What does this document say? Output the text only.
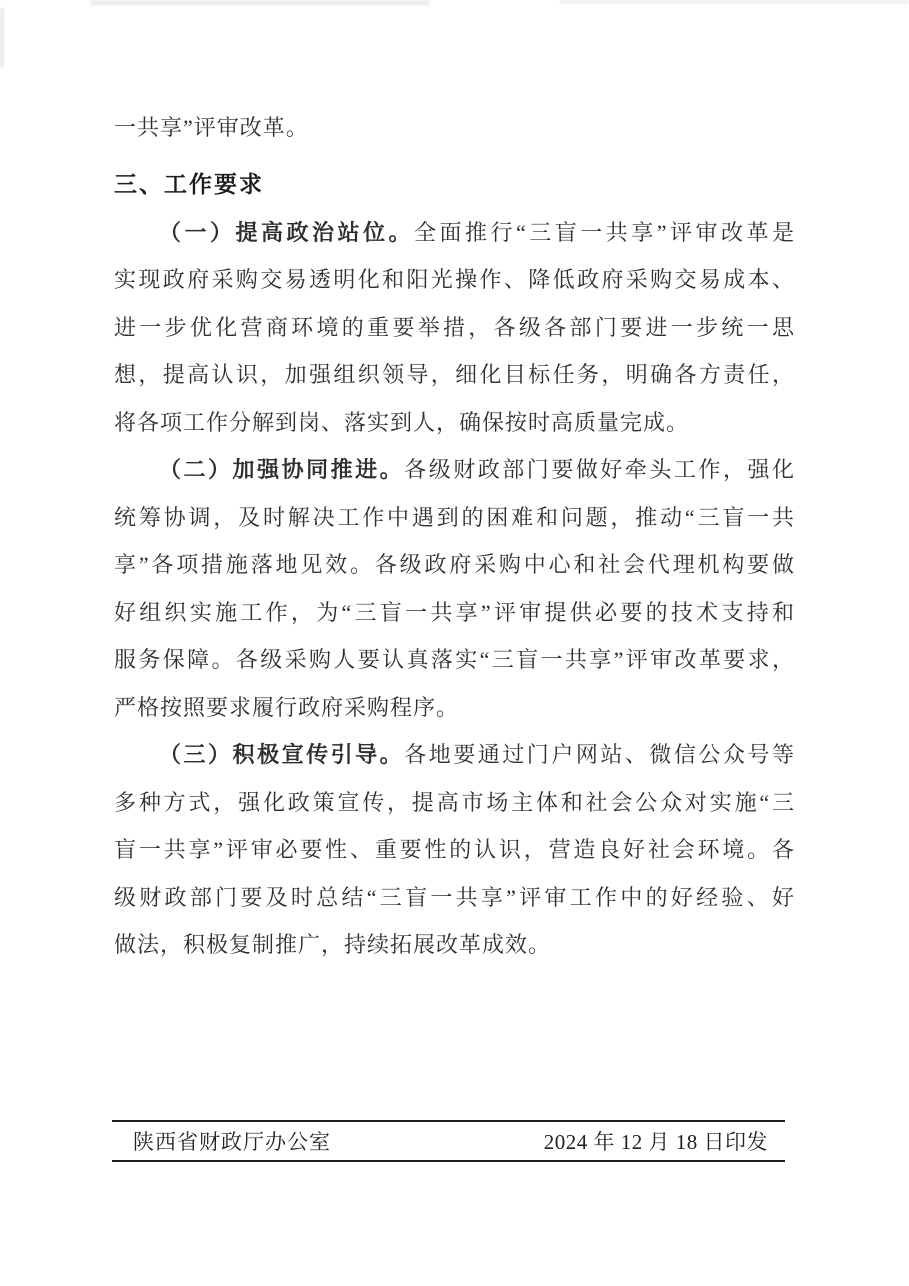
一共享”评审改革。
三、工作要求
（一）提高政治站位。全面推行“三盲一共享”评审改革是
实现政府采购交易透明化和阳光操作、降低政府采购交易成本、
进一步优化营商环境的重要举措，各级各部门要进一步统一思
想，提高认识，加强组织领导，细化目标任务，明确各方责任，
将各项工作分解到岗、落实到人，确保按时高质量完成。
（二）加强协同推进。各级财政部门要做好牵头工作，强化
统筹协调，及时解决工作中遇到的困难和问题，推动“三盲一共
享”各项措施落地见效。各级政府采购中心和社会代理机构要做
好组织实施工作，为“三盲一共享”评审提供必要的技术支持和
服务保障。各级采购人要认真落实“三盲一共享”评审改革要求，
严格按照要求履行政府采购程序。
（三）积极宣传引导。各地要通过门户网站、微信公众号等
多种方式，强化政策宣传，提高市场主体和社会公众对实施“三
盲一共享”评审必要性、重要性的认识，营造良好社会环境。各
级财政部门要及时总结“三盲一共享”评审工作中的好经验、好
做法，积极复制推广，持续拓展改革成效。
陕西省财政厅办公室	2024 年 12 月 18 日印发
